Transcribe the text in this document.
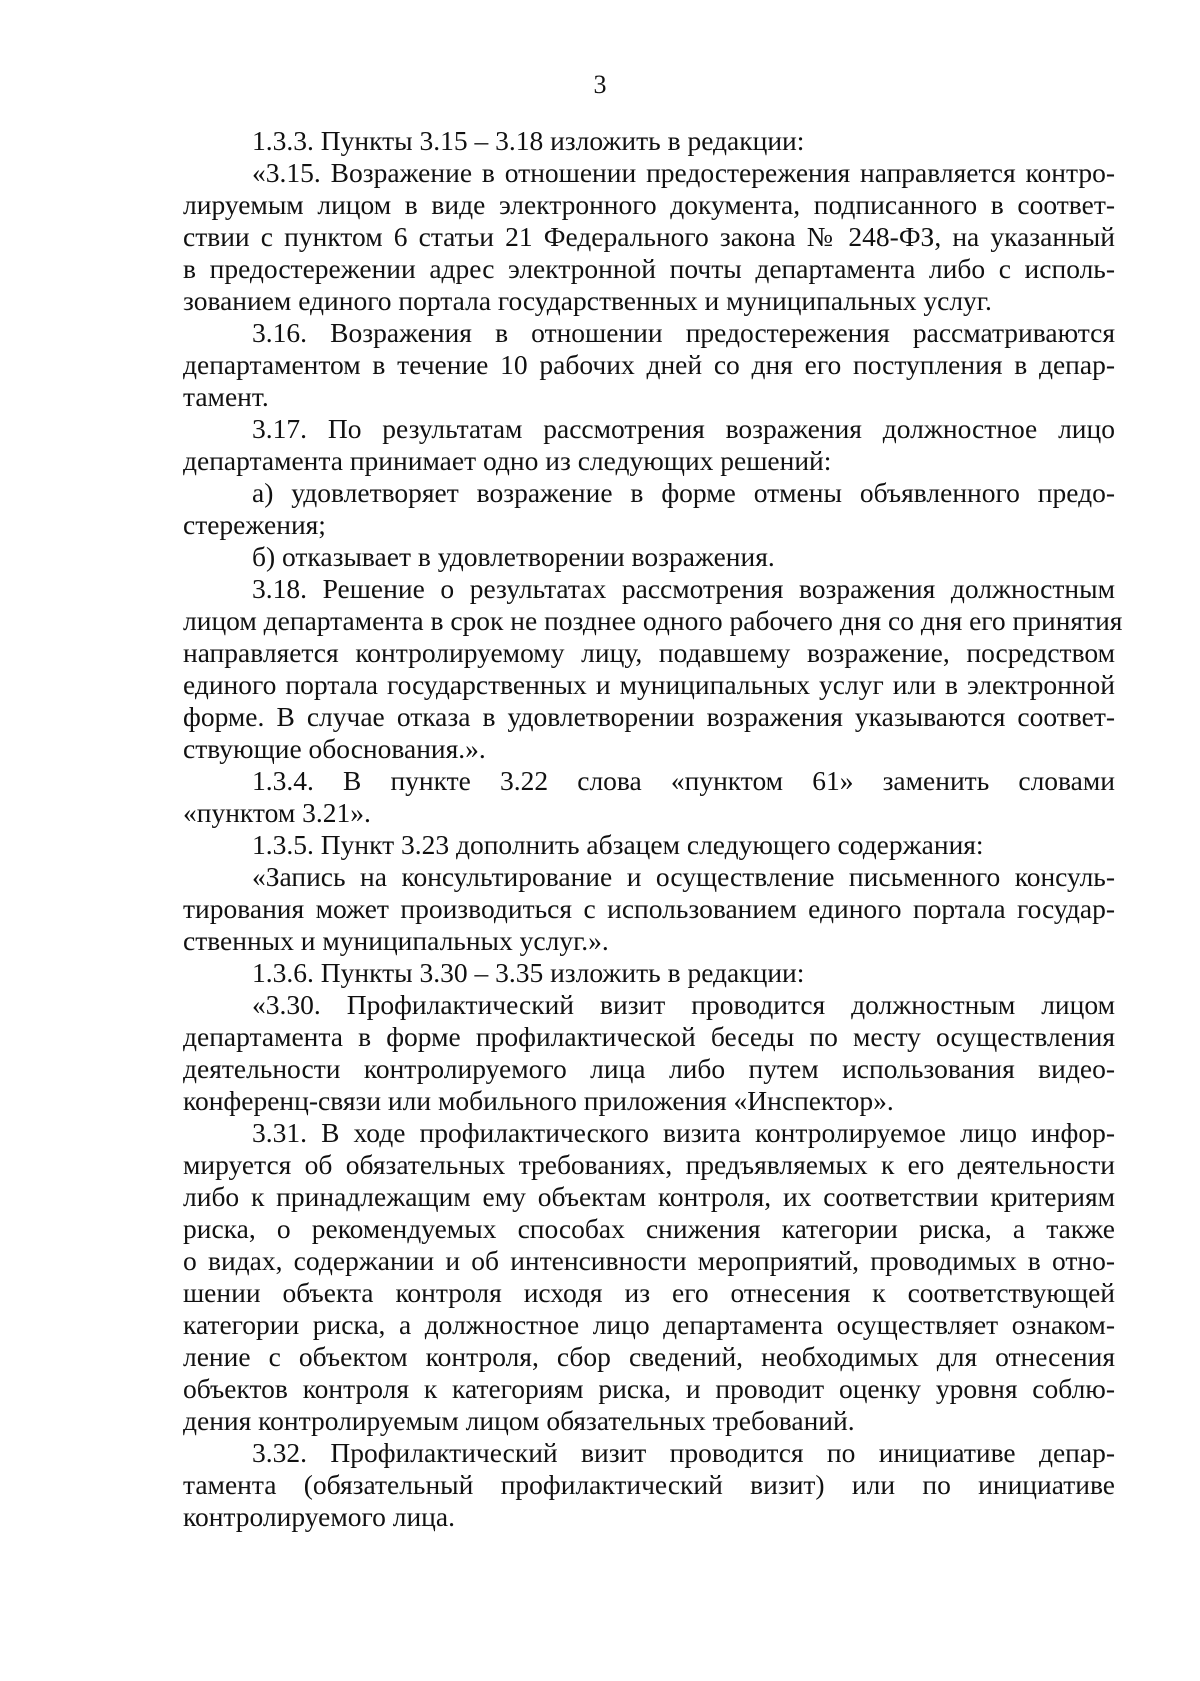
3
1.3.3. Пункты 3.15 – 3.18 изложить в редакции:
«3.15. Возражение в отношении предостережения направляется контро-
лируемым лицом в виде электронного документа, подписанного в соответ-
ствии с пунктом 6 статьи 21 Федерального закона № 248-ФЗ, на указанный
в предостережении адрес электронной почты департамента либо с исполь-
зованием единого портала государственных и муниципальных услуг.
3.16. Возражения в отношении предостережения рассматриваются
департаментом в течение 10 рабочих дней со дня его поступления в депар-
тамент.
3.17. По результатам рассмотрения возражения должностное лицо
департамента принимает одно из следующих решений:
а) удовлетворяет возражение в форме отмены объявленного предо-
стережения;
б) отказывает в удовлетворении возражения.
3.18. Решение о результатах рассмотрения возражения должностным
лицом департамента в срок не позднее одного рабочего дня со дня его принятия
направляется контролируемому лицу, подавшему возражение, посредством
единого портала государственных и муниципальных услуг или в электронной
форме. В случае отказа в удовлетворении возражения указываются соответ-
ствующие обоснования.».
1.3.4. В пункте 3.22 слова «пунктом 61» заменить словами
«пунктом 3.21».
1.3.5. Пункт 3.23 дополнить абзацем следующего содержания:
«Запись на консультирование и осуществление письменного консуль-
тирования может производиться с использованием единого портала государ-
ственных и муниципальных услуг.».
1.3.6. Пункты 3.30 – 3.35 изложить в редакции:
«3.30. Профилактический визит проводится должностным лицом
департамента в форме профилактической беседы по месту осуществления
деятельности контролируемого лица либо путем использования видео-
конференц-связи или мобильного приложения «Инспектор».
3.31. В ходе профилактического визита контролируемое лицо инфор-
мируется об обязательных требованиях, предъявляемых к его деятельности
либо к принадлежащим ему объектам контроля, их соответствии критериям
риска, о рекомендуемых способах снижения категории риска, а также
о видах, содержании и об интенсивности мероприятий, проводимых в отно-
шении объекта контроля исходя из его отнесения к соответствующей
категории риска, а должностное лицо департамента осуществляет ознаком-
ление с объектом контроля, сбор сведений, необходимых для отнесения
объектов контроля к категориям риска, и проводит оценку уровня соблю-
дения контролируемым лицом обязательных требований.
3.32. Профилактический визит проводится по инициативе депар-
тамента (обязательный профилактический визит) или по инициативе
контролируемого лица.
